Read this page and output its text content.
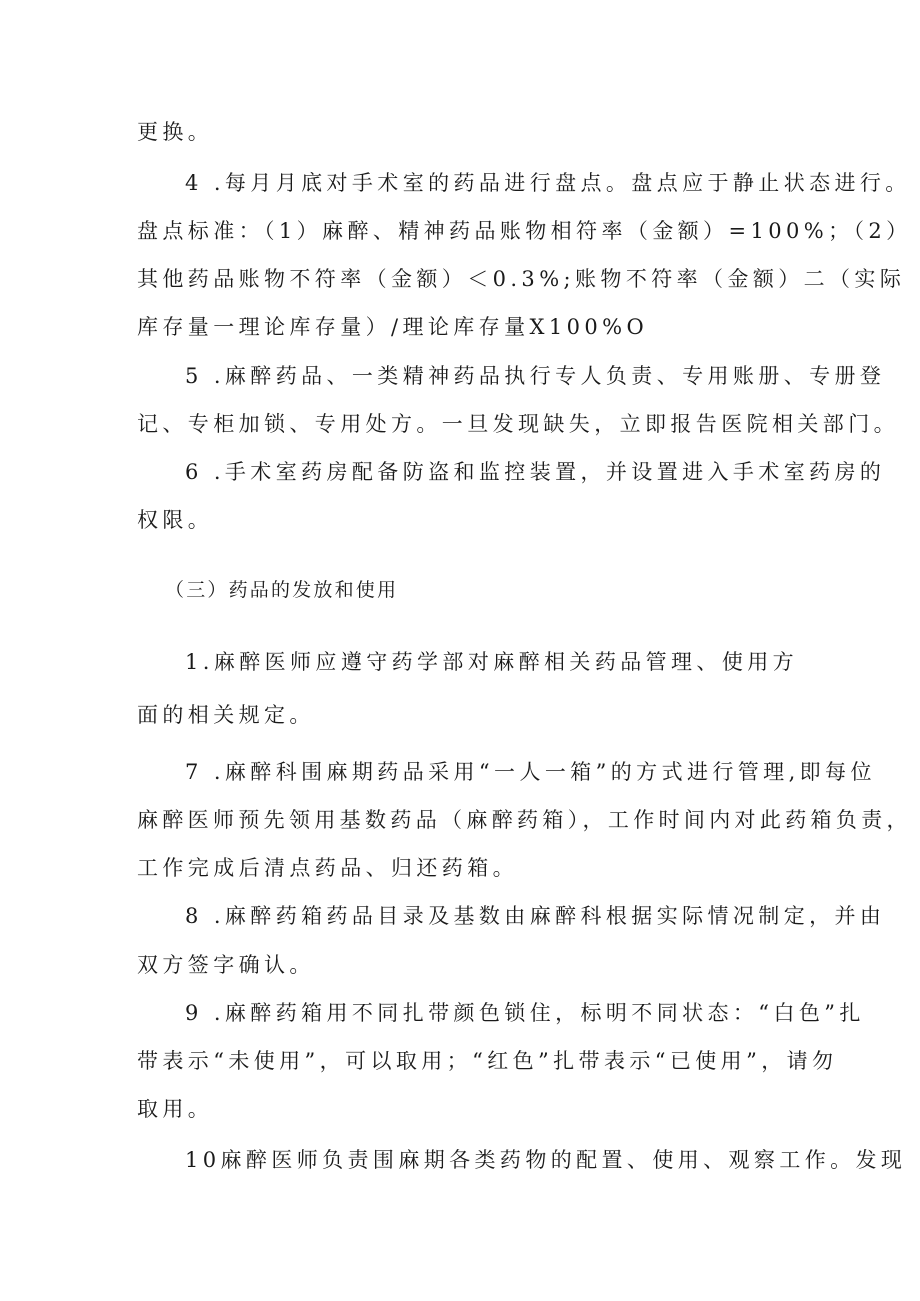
更换。
4 .每月月底对手术室的药品进行盘点。盘点应于静止状态进行。
盘点标准：（1）麻醉、精神药品账物相符率（金额）=100%；（2）
其他药品账物不符率（金额）＜0.3%;账物不符率（金额）二（实际
库存量一理论库存量）/理论库存量X100%O
5 .麻醉药品、一类精神药品执行专人负责、专用账册、专册登
记、专柜加锁、专用处方。一旦发现缺失，立即报告医院相关部门。
6 .手术室药房配备防盗和监控装置，并设置进入手术室药房的
权限。
（三）药品的发放和使用
1.麻醉医师应遵守药学部对麻醉相关药品管理、使用方
面的相关规定。
7 .麻醉科围麻期药品采用“一人一箱”的方式进行管理,即每位
麻醉医师预先领用基数药品（麻醉药箱），工作时间内对此药箱负责，
工作完成后清点药品、归还药箱。
8 .麻醉药箱药品目录及基数由麻醉科根据实际情况制定，并由
双方签字确认。
9 .麻醉药箱用不同扎带颜色锁住，标明不同状态：“白色”扎
带表示“未使用”，可以取用；“红色”扎带表示“已使用”，请勿
取用。
10麻醉医师负责围麻期各类药物的配置、使用、观察工作。发现
